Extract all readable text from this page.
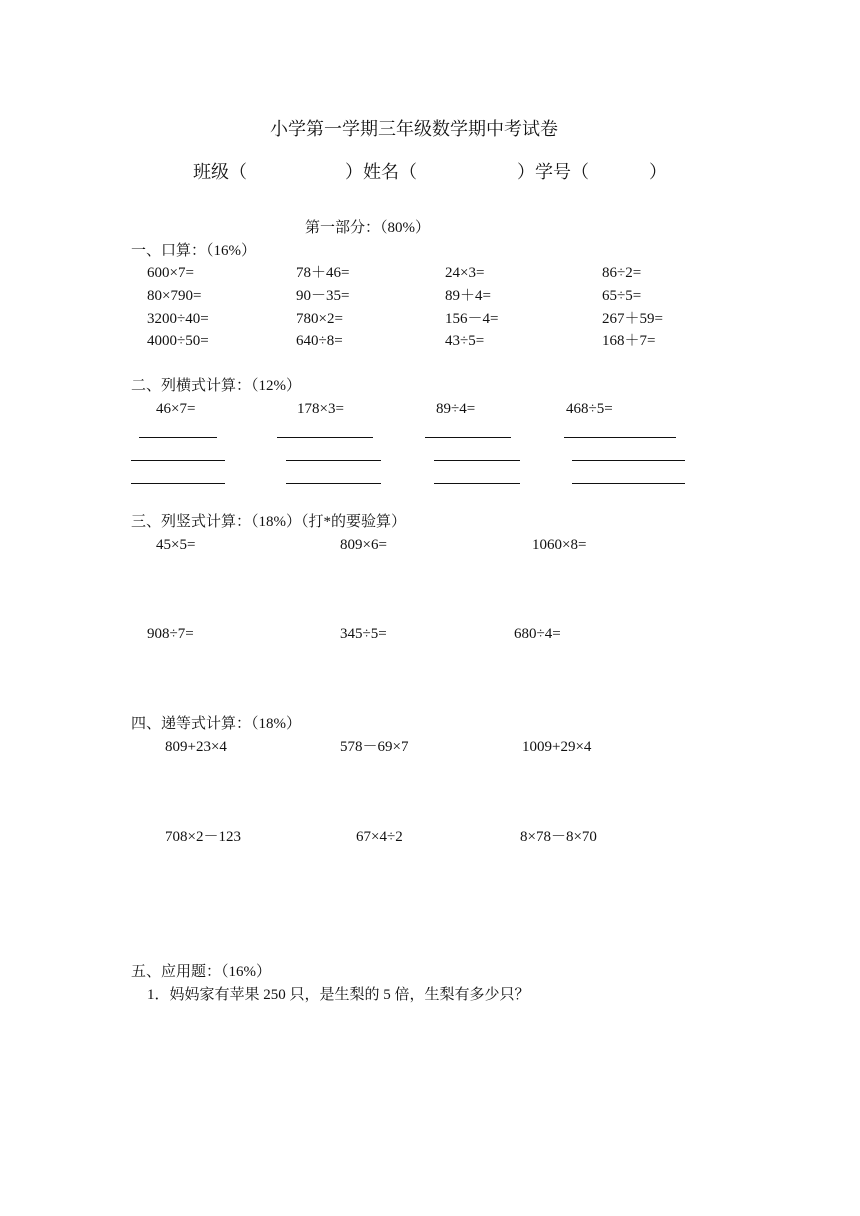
小学第一学期三年级数学期中考试卷
班级（	）姓名（	）学号（	）
第一部分：（80%）
一、口算：（16%）
600×7=	78＋46=	24×3=	86÷2=
80×790=	90－35=	89＋4=	65÷5=
3200÷40=	780×2=	156－4=	267＋59=
4000÷50=	640÷8=	43÷5=	168＋7=
二、列横式计算：（12%）
46×7=	178×3=	89÷4=	468÷5=
三、列竖式计算：（18%）（打*的要验算）
45×5=	809×6=	1060×8=
908÷7=	345÷5=	680÷4=
四、递等式计算：（18%）
809+23×4	578－69×7	1009+29×4
708×2－123	67×4÷2	8×78－8×70
五、应用题：（16%）
1．妈妈家有苹果 250 只，是生梨的 5 倍，生梨有多少只？
